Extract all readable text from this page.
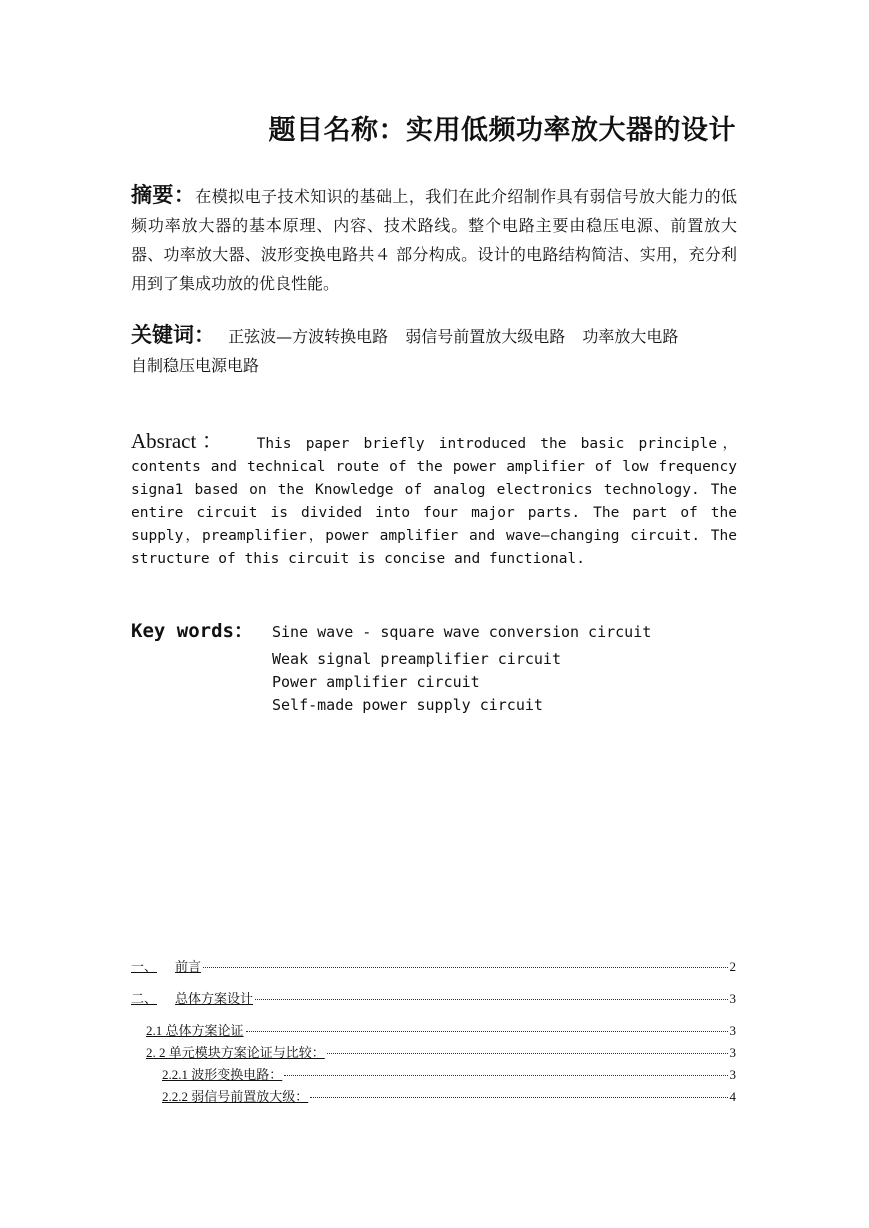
题目名称：实用低频功率放大器的设计
摘要：在模拟电子技术知识的基础上，我们在此介绍制作具有弱信号放大能力的低频功率放大器的基本原理、内容、技术路线。整个电路主要由稳压电源、前置放大器、功率放大器、波形变换电路共４ 部分构成。设计的电路结构简洁、实用，充分利用到了集成功放的优良性能。
关键词： 正弦波—方波转换电路 弱信号前置放大级电路 功率放大电路
自制稳压电源电路
Absract： This paper briefly introduced the basic principle，contents and technical route of the power amplifier of low frequency signa1 based on the Knowledge of analog electronics technology. The entire circuit is divided into four major parts. The part of the supply，preamplifier，power amplifier and wave—changing circuit. The structure of this circuit is concise and functional.
Key words： Sine wave - square wave conversion circuit
Weak signal preamplifier circuit
Power amplifier circuit
Self-made power supply circuit
一、 前言	2
二、 总体方案设计	3
2.1 总体方案论证	3
2. 2 单元模块方案论证与比较：	3
2.2.1 波形变换电路：	3
2.2.2 弱信号前置放大级：	4
